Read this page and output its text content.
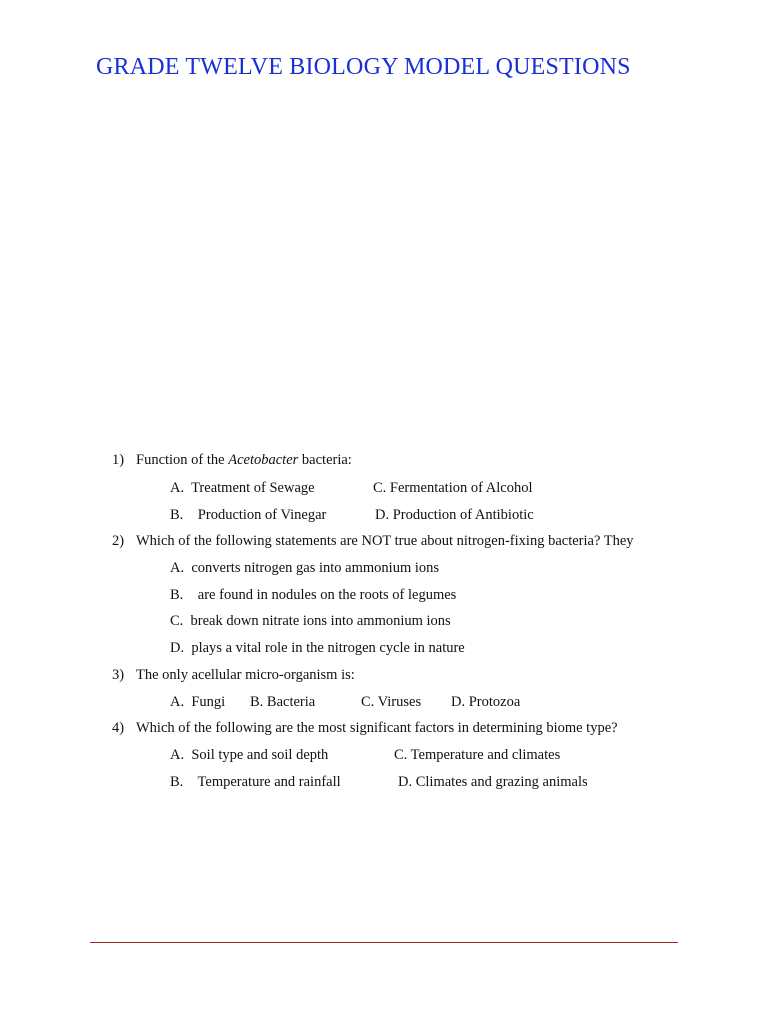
GRADE TWELVE BIOLOGY MODEL QUESTIONS
1) Function of the Acetobacter bacteria:
A.  Treatment of Sewage	C. Fermentation of Alcohol
B.    Production of Vinegar	D. Production of Antibiotic
2) Which of the following statements are NOT true about nitrogen-fixing bacteria? They
A.  converts nitrogen gas into ammonium ions
B.    are found in nodules on the roots of legumes
C.  break down nitrate ions into ammonium ions
D.  plays a vital role in the nitrogen cycle in nature
3) The only acellular micro-organism is:
A.  Fungi B. Bacteria	C. Viruses D. Protozoa
4) Which of the following are the most significant factors in determining biome type?
A.  Soil type and soil depth	C. Temperature and climates
B.    Temperature and rainfall	D. Climates and grazing animals
